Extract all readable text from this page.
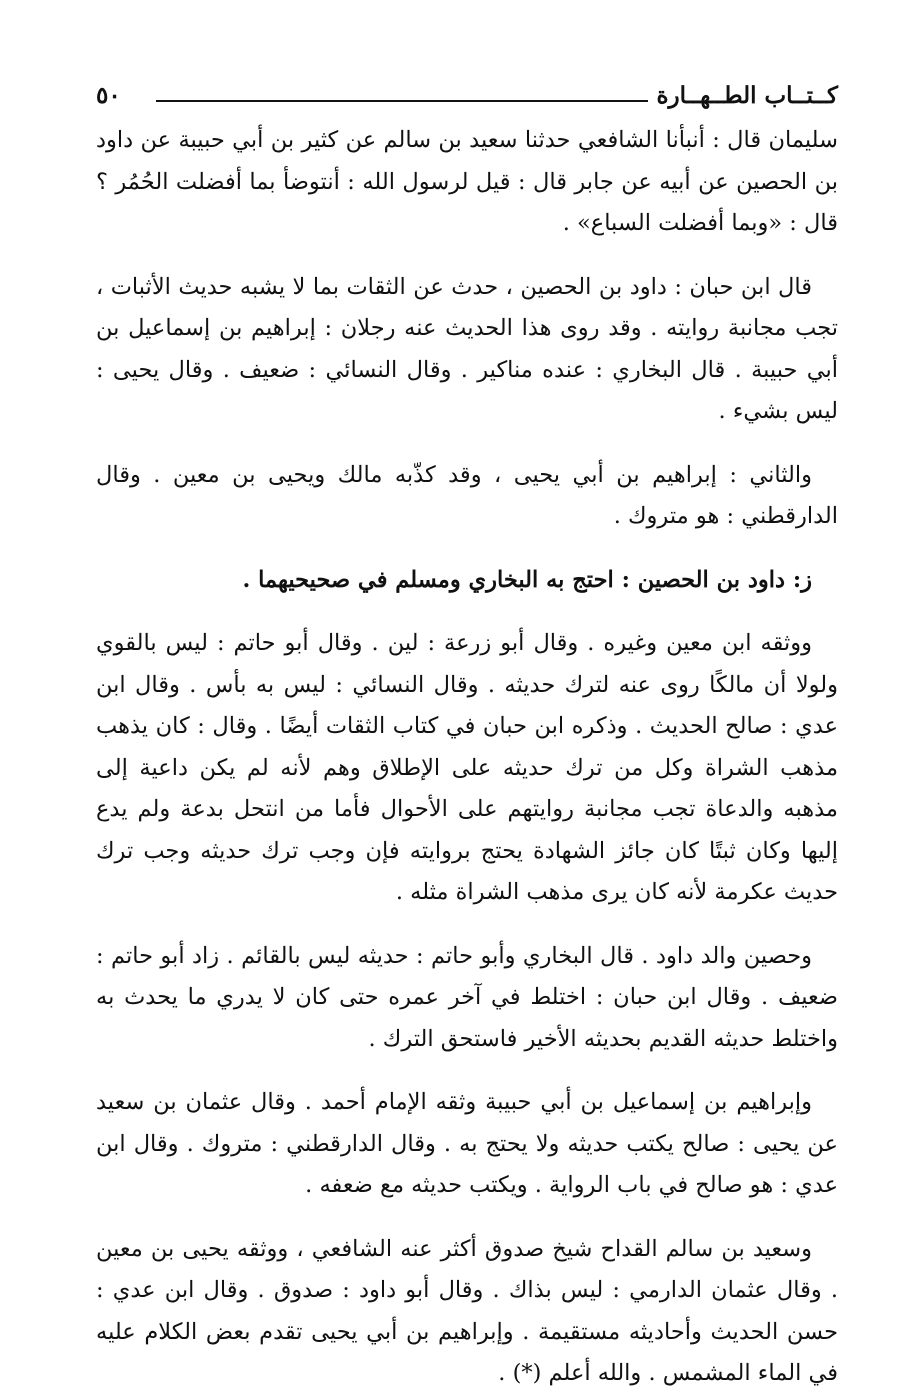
كــتــاب الطــهــارة
٥٠

سليمان قال : أنبأنا الشافعي حدثنا سعيد بن سالم عن كثير بن أبي حبيبة عن داود بن الحصين عن أبيه عن جابر قال : قيل لرسول الله : أنتوضأ بما أفضلت الحُمُر ؟ قال : «وبما أفضلت السباع» .

قال ابن حبان : داود بن الحصين ، حدث عن الثقات بما لا يشبه حديث الأثبات ، تجب مجانبة روايته . وقد روى هذا الحديث عنه رجلان : إبراهيم بن إسماعيل بن أبي حبيبة . قال البخاري : عنده مناكير . وقال النسائي : ضعيف . وقال يحيى : ليس بشيء .

والثاني : إبراهيم بن أبي يحيى ، وقد كذّبه مالك ويحيى بن معين . وقال الدارقطني : هو متروك .

ز: داود بن الحصين : احتج به البخاري ومسلم في صحيحيهما .

ووثقه ابن معين وغيره . وقال أبو زرعة : لين . وقال أبو حاتم : ليس بالقوي ولولا أن مالكًا روى عنه لترك حديثه . وقال النسائي : ليس به بأس . وقال ابن عدي : صالح الحديث . وذكره ابن حبان في كتاب الثقات أيضًا . وقال : كان يذهب مذهب الشراة وكل من ترك حديثه على الإطلاق وهم لأنه لم يكن داعية إلى مذهبه والدعاة تجب مجانبة روايتهم على الأحوال فأما من انتحل بدعة ولم يدع إليها وكان ثبتًا كان جائز الشهادة يحتج بروايته فإن وجب ترك حديثه وجب ترك حديث عكرمة لأنه كان يرى مذهب الشراة مثله .

وحصين والد داود . قال البخاري وأبو حاتم : حديثه ليس بالقائم . زاد أبو حاتم : ضعيف . وقال ابن حبان : اختلط في آخر عمره حتى كان لا يدري ما يحدث به واختلط حديثه القديم بحديثه الأخير فاستحق الترك .

وإبراهيم بن إسماعيل بن أبي حبيبة وثقه الإمام أحمد . وقال عثمان بن سعيد عن يحيى : صالح يكتب حديثه ولا يحتج به . وقال الدارقطني : متروك . وقال ابن عدي : هو صالح في باب الرواية . ويكتب حديثه مع ضعفه .

وسعيد بن سالم القداح شيخ صدوق أكثر عنه الشافعي ، ووثقه يحيى بن معين . وقال عثمان الدارمي : ليس بذاك . وقال أبو داود : صدوق . وقال ابن عدي : حسن الحديث وأحاديثه مستقيمة . وإبراهيم بن أبي يحيى تقدم بعض الكلام عليه في الماء المشمس . والله أعلم (*) .
